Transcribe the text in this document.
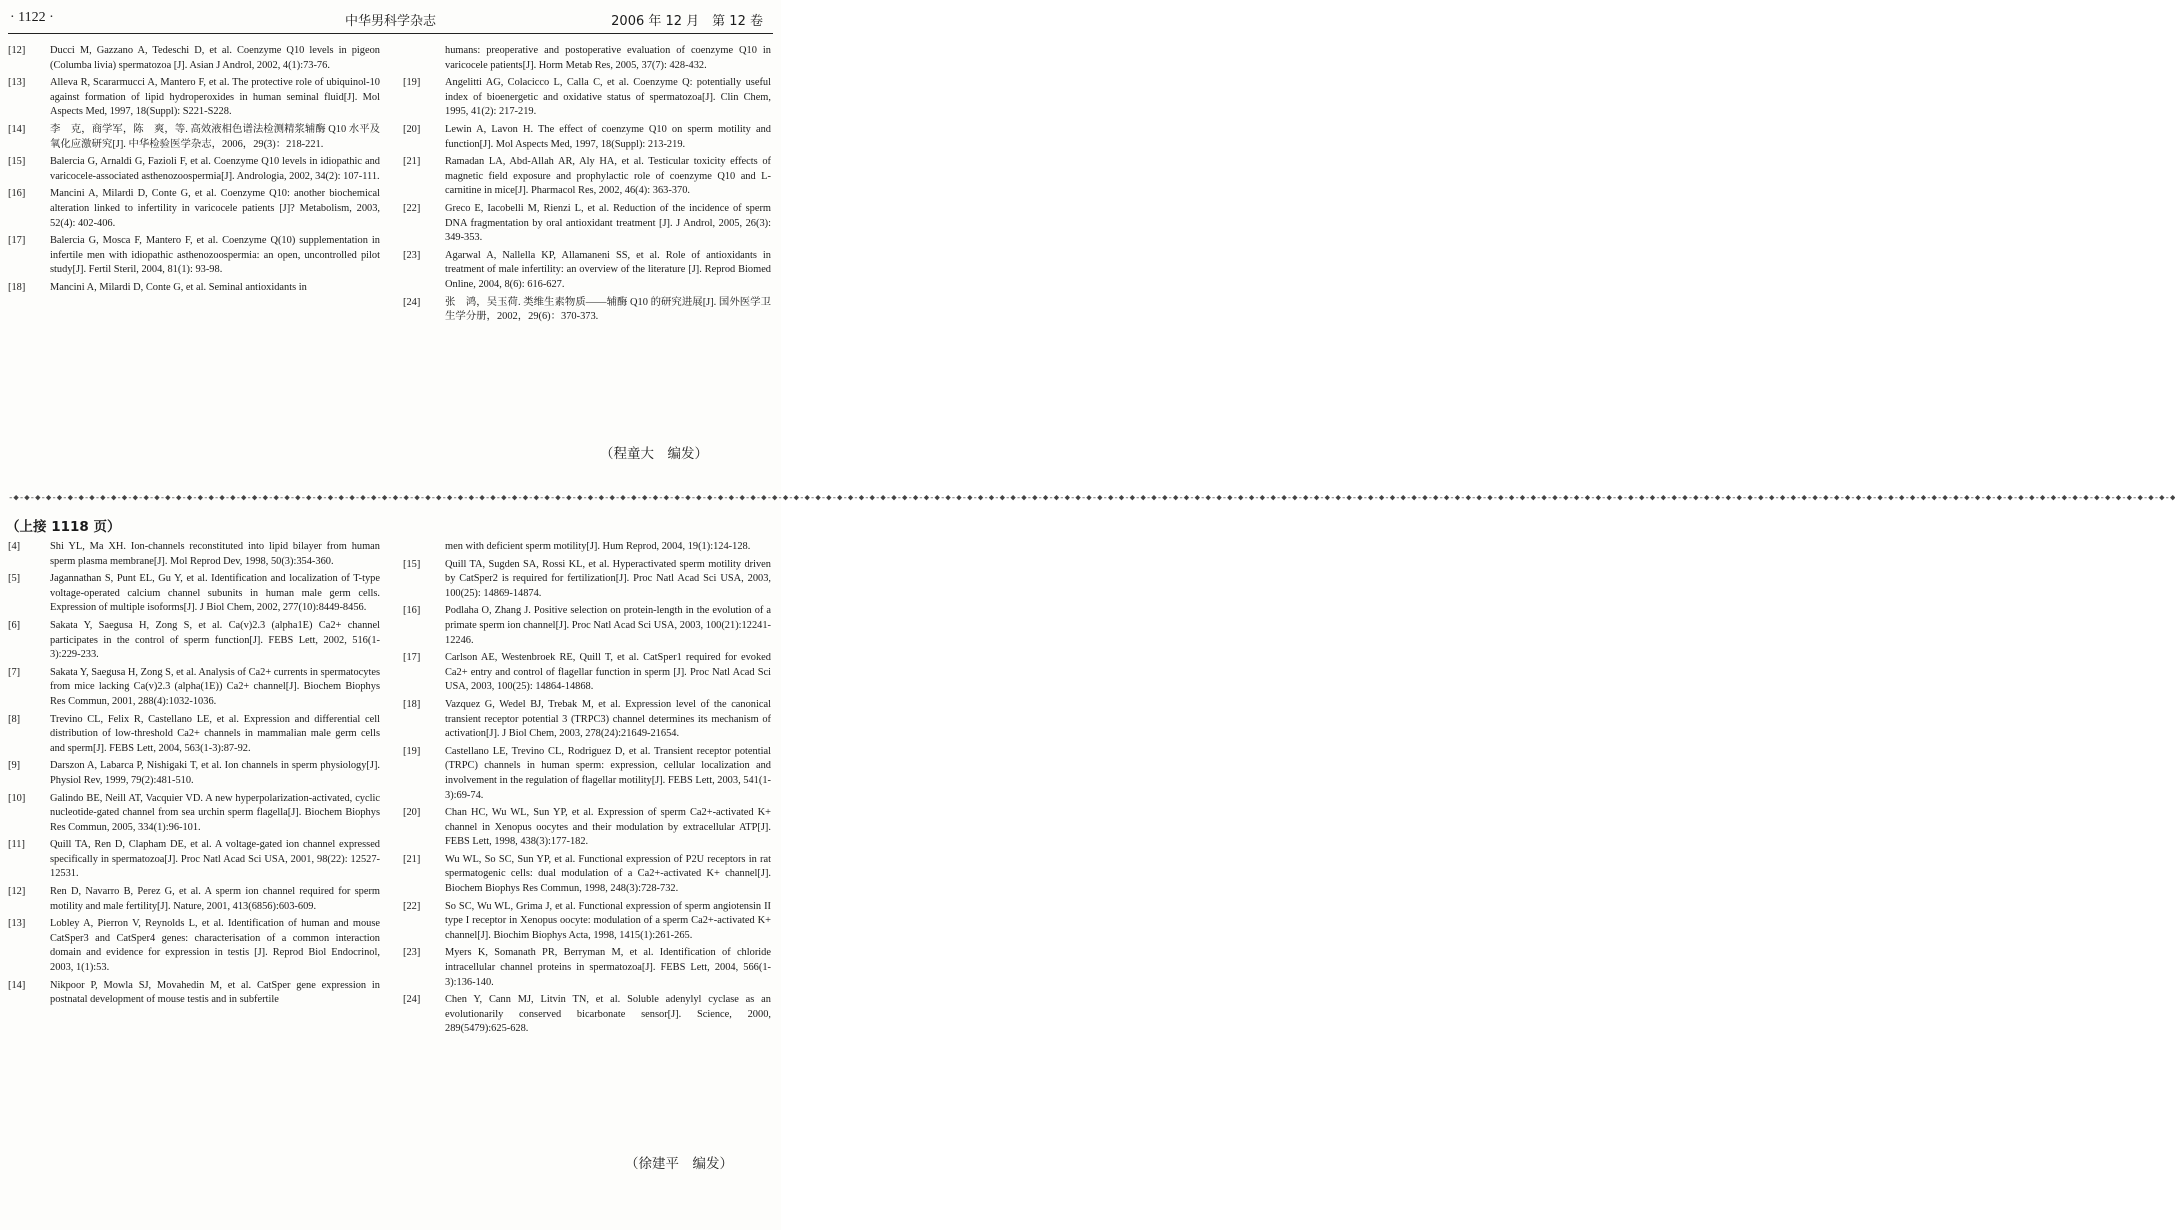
· 1122 ·	中华男科学杂志	2006 年 12 月　第 12 卷
[12]	Ducci M, Gazzano A, Tedeschi D, et al. Coenzyme Q10 levels in pigeon (Columba livia) spermatozoa [J]. Asian J Androl, 2002, 4(1):73-76.
[13]	Alleva R, Scararmucci A, Mantero F, et al. The protective role of ubiquinol-10 against formation of lipid hydroperoxides in human seminal fluid[J]. Mol Aspects Med, 1997, 18(Suppl): S221-S228.
[14]	李　克，商学军，陈　爽，等. 高效液相色谱法检测精浆辅酶 Q10 水平及氧化应激研究[J]. 中华检验医学杂志，2006，29(3)：218-221.
[15]	Balercia G, Arnaldi G, Fazioli F, et al. Coenzyme Q10 levels in idiopathic and varicocele-associated asthenozoospermia[J]. Andrologia, 2002, 34(2): 107-111.
[16]	Mancini A, Milardi D, Conte G, et al. Coenzyme Q10: another biochemical alteration linked to infertility in varicocele patients [J]? Metabolism, 2003, 52(4): 402-406.
[17]	Balercia G, Mosca F, Mantero F, et al. Coenzyme Q(10) supplementation in infertile men with idiopathic asthenozoospermia: an open, uncontrolled pilot study[J]. Fertil Steril, 2004, 81(1): 93-98.
[18]	Mancini A, Milardi D, Conte G, et al. Seminal antioxidants in
humans: preoperative and postoperative evaluation of coenzyme Q10 in varicocele patients[J]. Horm Metab Res, 2005, 37(7): 428-432.
[19]	Angelitti AG, Colacicco L, Calla C, et al. Coenzyme Q: potentially useful index of bioenergetic and oxidative status of spermatozoa[J]. Clin Chem, 1995, 41(2): 217-219.
[20]	Lewin A, Lavon H. The effect of coenzyme Q10 on sperm motility and function[J]. Mol Aspects Med, 1997, 18(Suppl): 213-219.
[21]	Ramadan LA, Abd-Allah AR, Aly HA, et al. Testicular toxicity effects of magnetic field exposure and prophylactic role of coenzyme Q10 and L-carnitine in mice[J]. Pharmacol Res, 2002, 46(4): 363-370.
[22]	Greco E, Iacobelli M, Rienzi L, et al. Reduction of the incidence of sperm DNA fragmentation by oral antioxidant treatment [J]. J Androl, 2005, 26(3): 349-353.
[23]	Agarwal A, Nallella KP, Allamaneni SS, et al. Role of antioxidants in treatment of male infertility: an overview of the literature [J]. Reprod Biomed Online, 2004, 8(6): 616-627.
[24]	张　鸿，吴玉荷. 类维生素物质——辅酶 Q10 的研究进展[J]. 国外医学卫生学分册，2002，29(6)：370-373.
（程童大　编发）
-◆-◆-◆-◆-◆-◆-◆-◆-◆-◆-◆-◆-◆-◆-◆-◆-◆-◆-◆-◆-◆-◆-◆-◆-◆-◆-◆-◆-◆-◆-◆-◆-◆-◆-◆-◆-◆-◆-◆-◆-◆-◆-◆-◆-◆-◆-◆-◆-◆-◆-◆-◆-◆-◆-◆-◆-◆-◆-◆-◆-◆-◆-◆-◆-◆-◆-◆-◆-◆-◆-◆-◆-◆-◆-◆-◆-◆-◆-◆-◆-◆-◆-◆-◆-◆-◆-◆-◆-◆-◆-◆-◆-◆-◆-◆-◆-◆-◆-◆-◆-◆-◆-◆-◆-◆-◆-◆-◆-◆-◆-◆-◆-◆-◆-◆-◆-◆-◆-◆-◆-◆-◆-◆-◆-◆-◆-◆-◆-◆-◆-◆-◆-◆-◆-◆-◆-◆-◆-◆-◆-◆-◆-◆-◆-◆-◆-◆-◆-◆-◆-◆-◆-◆-◆-◆-◆-◆-◆-◆-◆-◆-◆-◆-◆-◆-◆-◆-◆-◆-◆-◆-◆-◆-◆-◆-◆-◆-◆-◆-◆-◆-◆-◆-◆-◆-◆-◆-◆-◆-◆-◆-◆-◆-◆-◆-◆-◆-◆-◆-◆
（上接 1118 页）
[4]	Shi YL, Ma XH. Ion-channels reconstituted into lipid bilayer from human sperm plasma membrane[J]. Mol Reprod Dev, 1998, 50(3):354-360.
[5]	Jagannathan S, Punt EL, Gu Y, et al. Identification and localization of T-type voltage-operated calcium channel subunits in human male germ cells. Expression of multiple isoforms[J]. J Biol Chem, 2002, 277(10):8449-8456.
[6]	Sakata Y, Saegusa H, Zong S, et al. Ca(v)2.3 (alpha1E) Ca2+ channel participates in the control of sperm function[J]. FEBS Lett, 2002, 516(1-3):229-233.
[7]	Sakata Y, Saegusa H, Zong S, et al. Analysis of Ca2+ currents in spermatocytes from mice lacking Ca(v)2.3 (alpha(1E)) Ca2+ channel[J]. Biochem Biophys Res Commun, 2001, 288(4):1032-1036.
[8]	Trevino CL, Felix R, Castellano LE, et al. Expression and differential cell distribution of low-threshold Ca2+ channels in mammalian male germ cells and sperm[J]. FEBS Lett, 2004, 563(1-3):87-92.
[9]	Darszon A, Labarca P, Nishigaki T, et al. Ion channels in sperm physiology[J]. Physiol Rev, 1999, 79(2):481-510.
[10]	Galindo BE, Neill AT, Vacquier VD. A new hyperpolarization-activated, cyclic nucleotide-gated channel from sea urchin sperm flagella[J]. Biochem Biophys Res Commun, 2005, 334(1):96-101.
[11]	Quill TA, Ren D, Clapham DE, et al. A voltage-gated ion channel expressed specifically in spermatozoa[J]. Proc Natl Acad Sci USA, 2001, 98(22): 12527-12531.
[12]	Ren D, Navarro B, Perez G, et al. A sperm ion channel required for sperm motility and male fertility[J]. Nature, 2001, 413(6856):603-609.
[13]	Lobley A, Pierron V, Reynolds L, et al. Identification of human and mouse CatSper3 and CatSper4 genes: characterisation of a common interaction domain and evidence for expression in testis [J]. Reprod Biol Endocrinol, 2003, 1(1):53.
[14]	Nikpoor P, Mowla SJ, Movahedin M, et al. CatSper gene expression in postnatal development of mouse testis and in subfertile
men with deficient sperm motility[J]. Hum Reprod, 2004, 19(1):124-128.
[15]	Quill TA, Sugden SA, Rossi KL, et al. Hyperactivated sperm motility driven by CatSper2 is required for fertilization[J]. Proc Natl Acad Sci USA, 2003, 100(25): 14869-14874.
[16]	Podlaha O, Zhang J. Positive selection on protein-length in the evolution of a primate sperm ion channel[J]. Proc Natl Acad Sci USA, 2003, 100(21):12241-12246.
[17]	Carlson AE, Westenbroek RE, Quill T, et al. CatSper1 required for evoked Ca2+ entry and control of flagellar function in sperm [J]. Proc Natl Acad Sci USA, 2003, 100(25): 14864-14868.
[18]	Vazquez G, Wedel BJ, Trebak M, et al. Expression level of the canonical transient receptor potential 3 (TRPC3) channel determines its mechanism of activation[J]. J Biol Chem, 2003, 278(24):21649-21654.
[19]	Castellano LE, Trevino CL, Rodriguez D, et al. Transient receptor potential (TRPC) channels in human sperm: expression, cellular localization and involvement in the regulation of flagellar motility[J]. FEBS Lett, 2003, 541(1-3):69-74.
[20]	Chan HC, Wu WL, Sun YP, et al. Expression of sperm Ca2+-activated K+ channel in Xenopus oocytes and their modulation by extracellular ATP[J]. FEBS Lett, 1998, 438(3):177-182.
[21]	Wu WL, So SC, Sun YP, et al. Functional expression of P2U receptors in rat spermatogenic cells: dual modulation of a Ca2+-activated K+ channel[J]. Biochem Biophys Res Commun, 1998, 248(3):728-732.
[22]	So SC, Wu WL, Grima J, et al. Functional expression of sperm angiotensin II type I receptor in Xenopus oocyte: modulation of a sperm Ca2+-activated K+ channel[J]. Biochim Biophys Acta, 1998, 1415(1):261-265.
[23]	Myers K, Somanath PR, Berryman M, et al. Identification of chloride intracellular channel proteins in spermatozoa[J]. FEBS Lett, 2004, 566(1-3):136-140.
[24]	Chen Y, Cann MJ, Litvin TN, et al. Soluble adenylyl cyclase as an evolutionarily conserved bicarbonate sensor[J]. Science, 2000, 289(5479):625-628.
（徐建平　编发）
